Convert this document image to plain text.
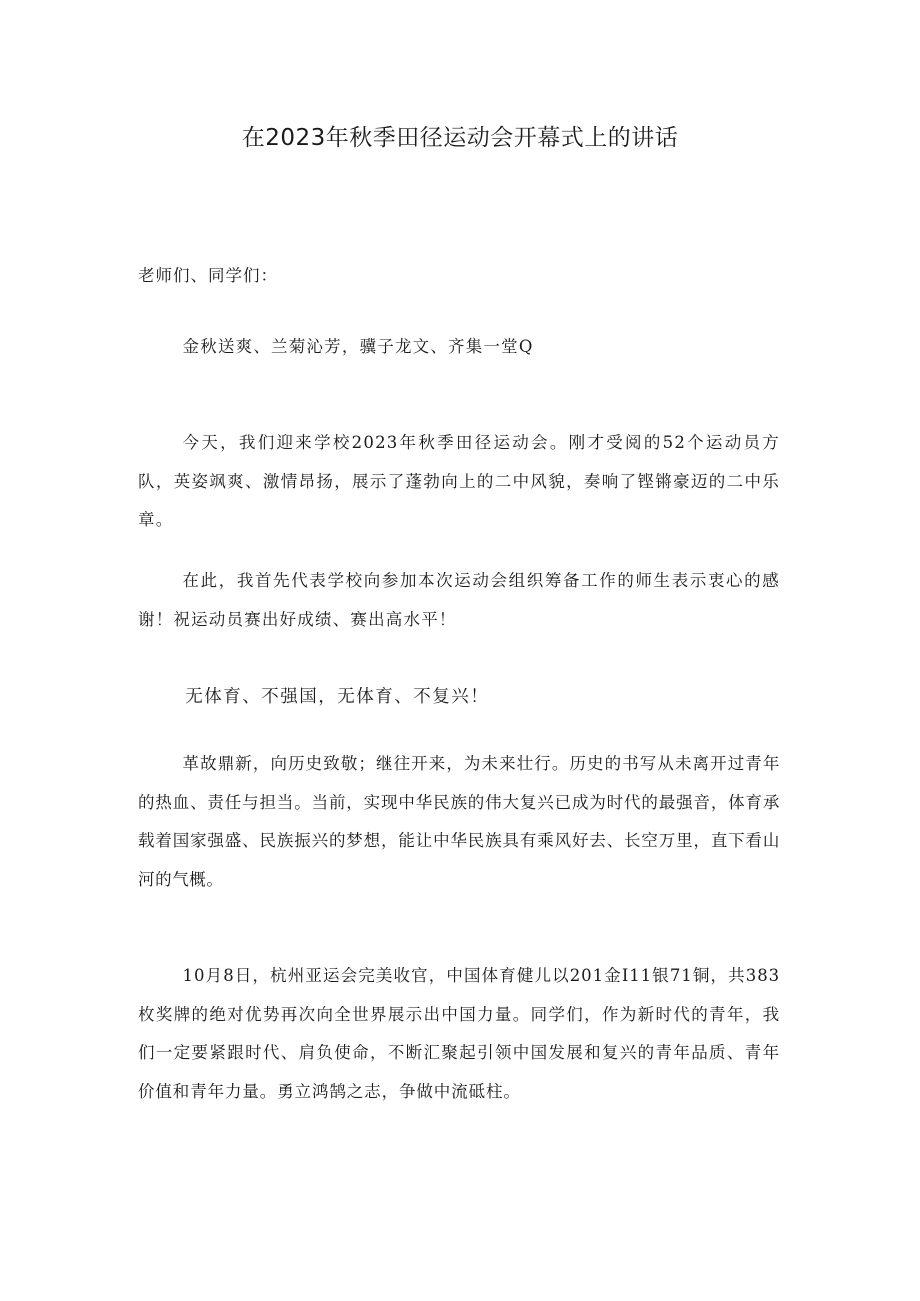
在2023年秋季田径运动会开幕式上的讲话

老师们、同学们：

金秋送爽、兰菊沁芳，骥子龙文、齐集一堂Q

今天，我们迎来学校2023年秋季田径运动会。刚才受阅的52个运动员方队，英姿飒爽、激情昂扬，展示了蓬勃向上的二中风貌，奏响了铿锵豪迈的二中乐章。

在此，我首先代表学校向参加本次运动会组织筹备工作的师生表示衷心的感谢！祝运动员赛出好成绩、赛出高水平！

无体育、不强国，无体育、不复兴！

革故鼎新，向历史致敬；继往开来，为未来壮行。历史的书写从未离开过青年的热血、责任与担当。当前，实现中华民族的伟大复兴已成为时代的最强音，体育承载着国家强盛、民族振兴的梦想，能让中华民族具有乘风好去、长空万里，直下看山河的气概。

10月8日，杭州亚运会完美收官，中国体育健儿以201金I11银71铜，共383枚奖牌的绝对优势再次向全世界展示出中国力量。同学们，作为新时代的青年，我们一定要紧跟时代、肩负使命，不断汇聚起引领中国发展和复兴的青年品质、青年价值和青年力量。勇立鸿鹄之志，争做中流砥柱。
